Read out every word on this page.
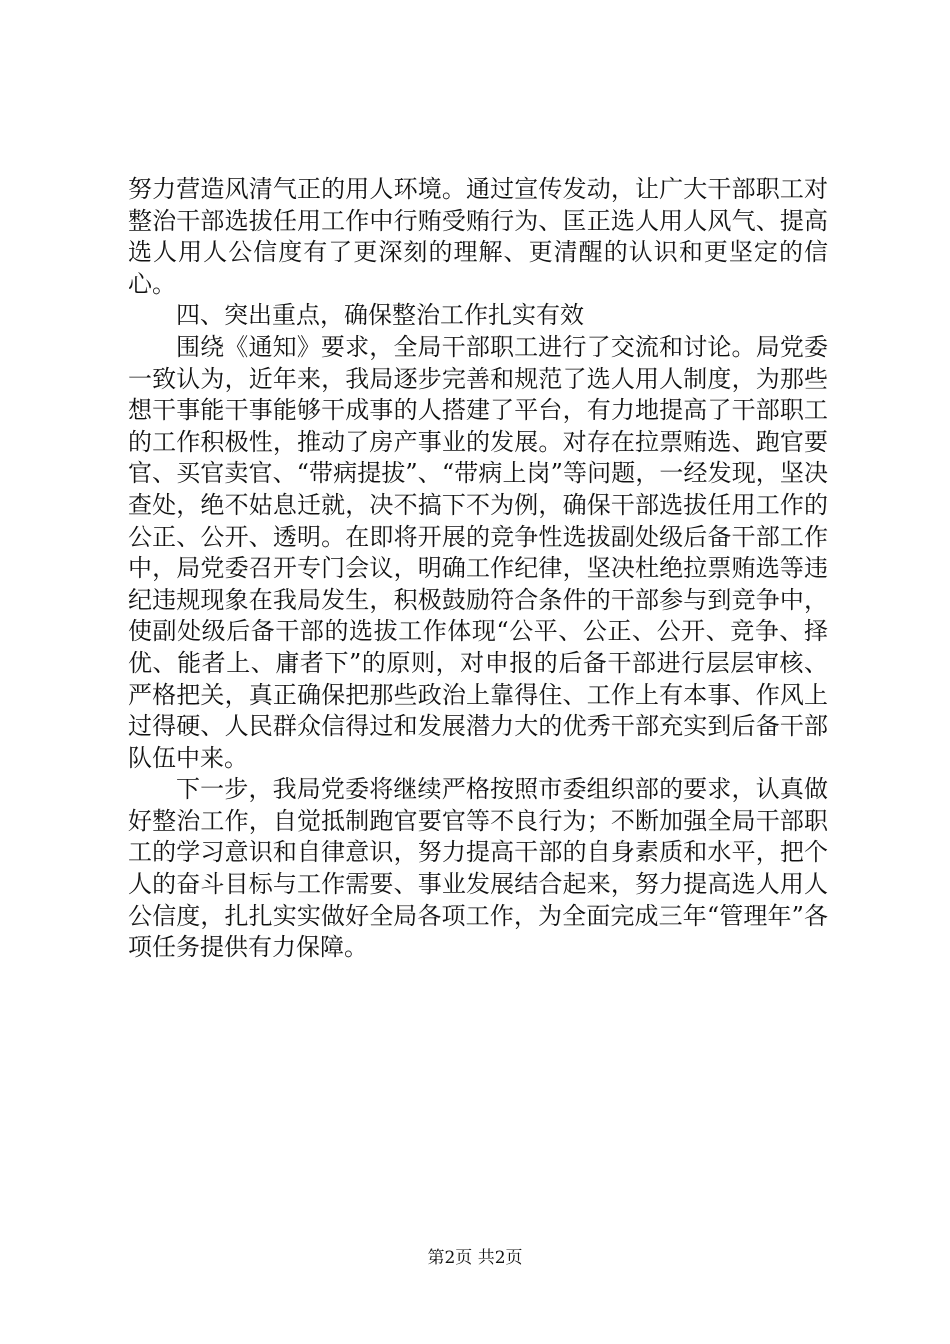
努力营造风清气正的用人环境。通过宣传发动，让广大干部职工对整治干部选拔任用工作中行贿受贿行为、匡正选人用人风气、提高选人用人公信度有了更深刻的理解、更清醒的认识和更坚定的信心。

四、突出重点，确保整治工作扎实有效

围绕《通知》要求，全局干部职工进行了交流和讨论。局党委一致认为，近年来，我局逐步完善和规范了选人用人制度，为那些想干事能干事能够干成事的人搭建了平台，有力地提高了干部职工的工作积极性，推动了房产事业的发展。对存在拉票贿选、跑官要官、买官卖官、“带病提拔”、“带病上岗”等问题，一经发现，坚决查处，绝不姑息迁就，决不搞下不为例，确保干部选拔任用工作的公正、公开、透明。在即将开展的竞争性选拔副处级后备干部工作中，局党委召开专门会议，明确工作纪律，坚决杜绝拉票贿选等违纪违规现象在我局发生，积极鼓励符合条件的干部参与到竞争中，使副处级后备干部的选拔工作体现“公平、公正、公开、竞争、择优、能者上、庸者下”的原则，对申报的后备干部进行层层审核、严格把关，真正确保把那些政治上靠得住、工作上有本事、作风上过得硬、人民群众信得过和发展潜力大的优秀干部充实到后备干部队伍中来。

下一步，我局党委将继续严格按照市委组织部的要求，认真做好整治工作，自觉抵制跑官要官等不良行为；不断加强全局干部职工的学习意识和自律意识，努力提高干部的自身素质和水平，把个人的奋斗目标与工作需要、事业发展结合起来，努力提高选人用人公信度，扎扎实实做好全局各项工作，为全面完成三年“管理年”各项任务提供有力保障。

第2页 共2页
